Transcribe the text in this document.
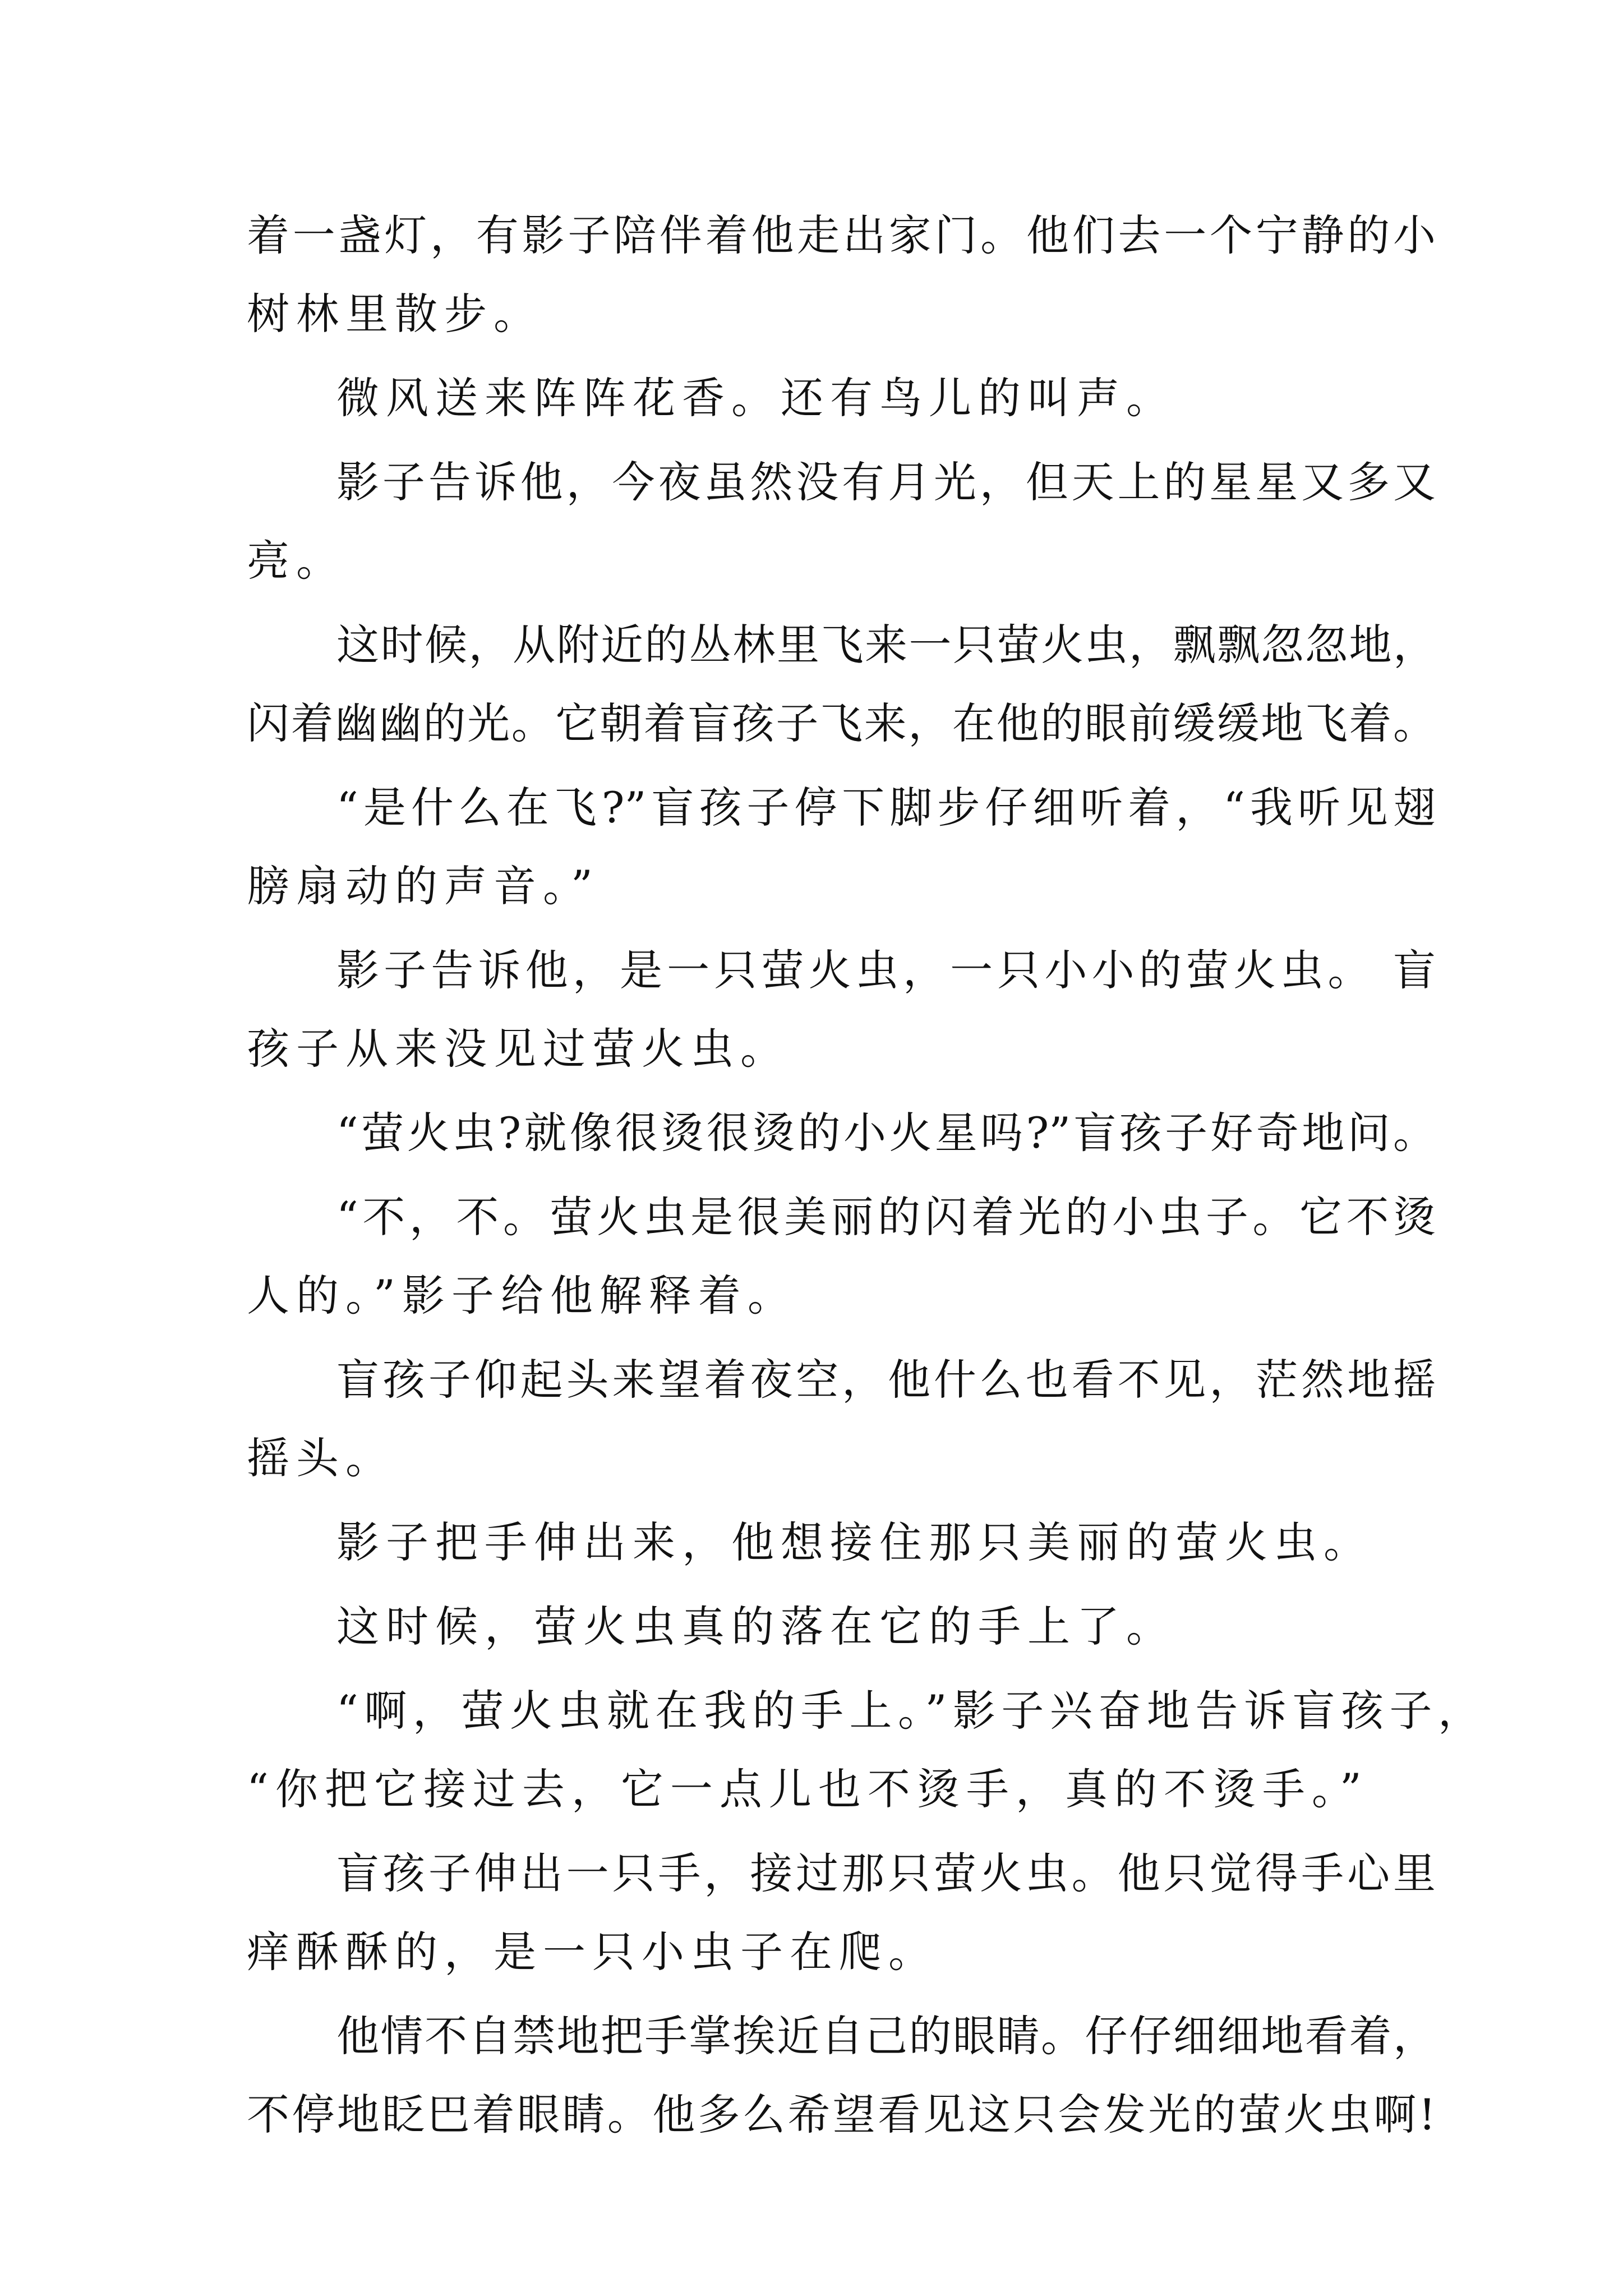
着一盏灯，有影子陪伴着他走出家门。他们去一个宁静的小
树林里散步。
微风送来阵阵花香。还有鸟儿的叫声。
影子告诉他，今夜虽然没有月光，但天上的星星又多又
亮。
这时候，从附近的丛林里飞来一只萤火虫，飘飘忽忽地，
闪着幽幽的光。它朝着盲孩子飞来，在他的眼前缓缓地飞着。
“是什么在飞?”盲孩子停下脚步仔细听着，“我听见翅
膀扇动的声音。”
影子告诉他，是一只萤火虫，一只小小的萤火虫。 盲
孩子从来没见过萤火虫。
“萤火虫?就像很烫很烫的小火星吗?”盲孩子好奇地问。
“不，不。萤火虫是很美丽的闪着光的小虫子。它不烫
人的。”影子给他解释着。
盲孩子仰起头来望着夜空，他什么也看不见，茫然地摇
摇头。
影子把手伸出来，他想接住那只美丽的萤火虫。
这时候，萤火虫真的落在它的手上了。
“啊，萤火虫就在我的手上。”影子兴奋地告诉盲孩子，
“你把它接过去，它一点儿也不烫手，真的不烫手。”
盲孩子伸出一只手，接过那只萤火虫。他只觉得手心里
痒酥酥的，是一只小虫子在爬。
他情不自禁地把手掌挨近自己的眼睛。仔仔细细地看着，
不停地眨巴着眼睛。他多么希望看见这只会发光的萤火虫啊!
